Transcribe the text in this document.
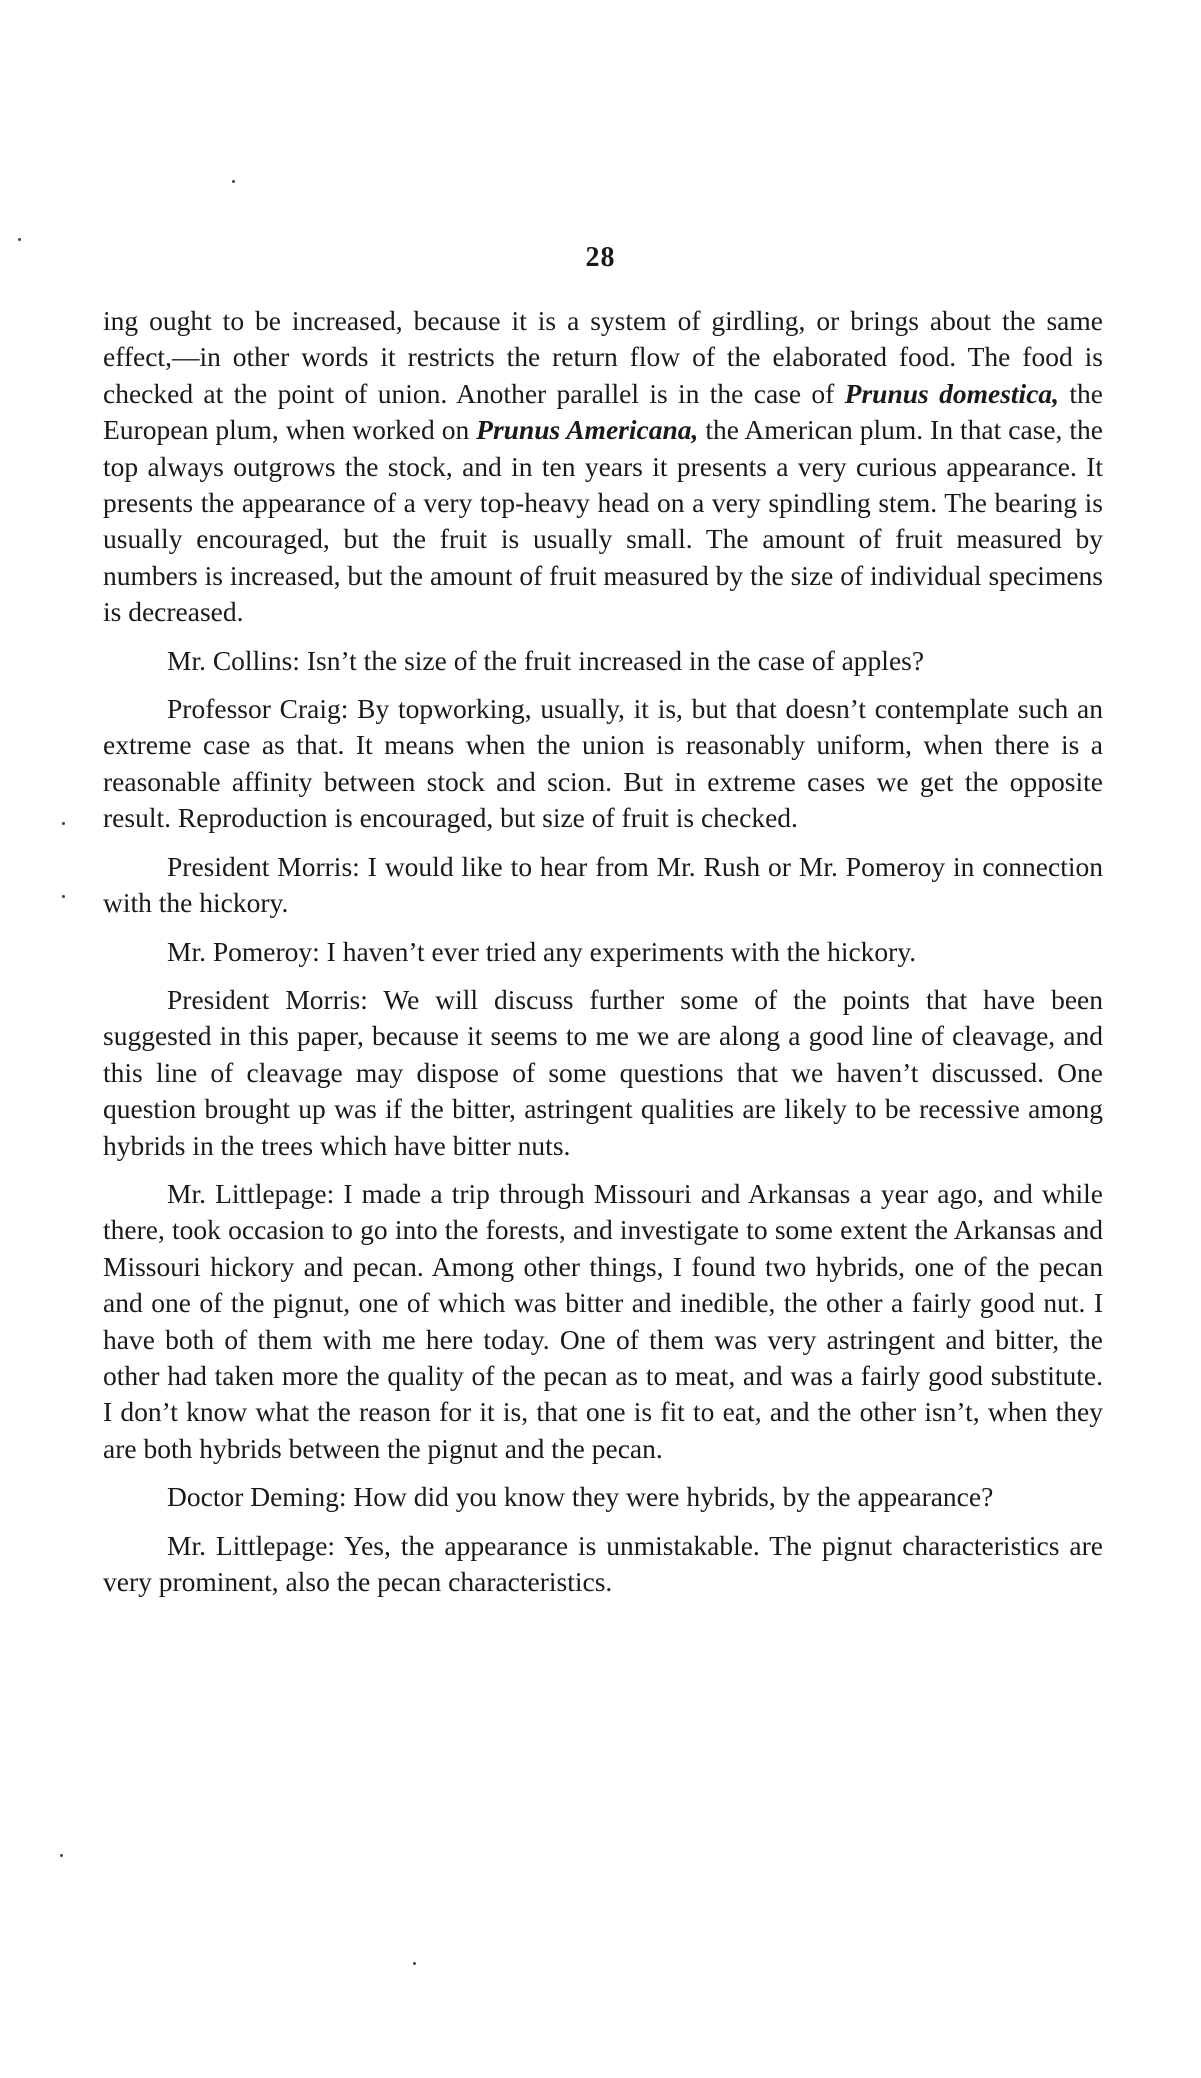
28

ing ought to be increased, because it is a system of girdling, or brings about the same effect,—in other words it restricts the return flow of the elaborated food. The food is checked at the point of union. Another parallel is in the case of Prunus domestica, the European plum, when worked on Prunus Americana, the American plum. In that case, the top always outgrows the stock, and in ten years it presents a very curious appearance. It presents the appearance of a very top-heavy head on a very spindling stem. The bearing is usually encouraged, but the fruit is usually small. The amount of fruit measured by numbers is increased, but the amount of fruit measured by the size of individual specimens is decreased.

Mr. Collins: Isn’t the size of the fruit increased in the case of apples?

Professor Craig: By topworking, usually, it is, but that doesn’t contemplate such an extreme case as that. It means when the union is reasonably uniform, when there is a reasonable affinity between stock and scion. But in extreme cases we get the opposite result. Reproduction is encouraged, but size of fruit is checked.

President Morris: I would like to hear from Mr. Rush or Mr. Pomeroy in connection with the hickory.

Mr. Pomeroy: I haven’t ever tried any experiments with the hickory.

President Morris: We will discuss further some of the points that have been suggested in this paper, because it seems to me we are along a good line of cleavage, and this line of cleavage may dispose of some questions that we haven’t discussed. One question brought up was if the bitter, astringent qualities are likely to be recessive among hybrids in the trees which have bitter nuts.

Mr. Littlepage: I made a trip through Missouri and Arkansas a year ago, and while there, took occasion to go into the forests, and investigate to some extent the Arkansas and Missouri hickory and pecan. Among other things, I found two hybrids, one of the pecan and one of the pignut, one of which was bitter and inedible, the other a fairly good nut. I have both of them with me here today. One of them was very astringent and bitter, the other had taken more the quality of the pecan as to meat, and was a fairly good substitute. I don’t know what the reason for it is, that one is fit to eat, and the other isn’t, when they are both hybrids between the pignut and the pecan.

Doctor Deming: How did you know they were hybrids, by the appearance?

Mr. Littlepage: Yes, the appearance is unmistakable. The pignut characteristics are very prominent, also the pecan characteristics.
